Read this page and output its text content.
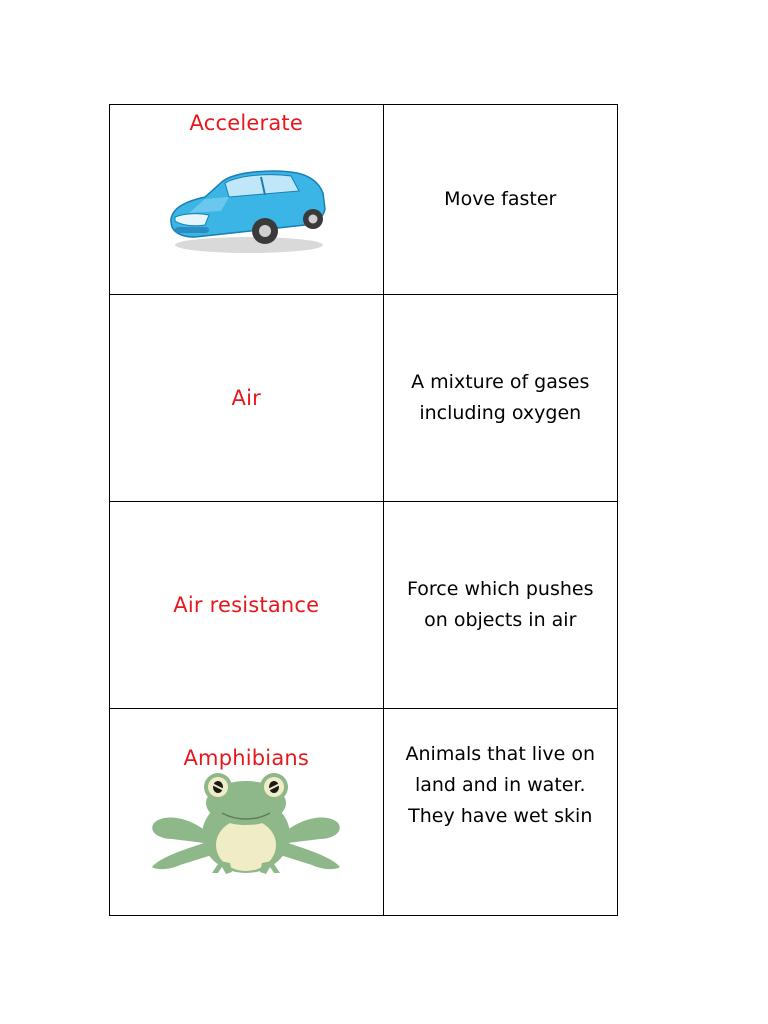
Accelerate	Move faster

Air	A mixture of gases
including oxygen

Air resistance	Force which pushes
on objects in air

Amphibians	Animals that live on
land and in water.
They have wet skin
